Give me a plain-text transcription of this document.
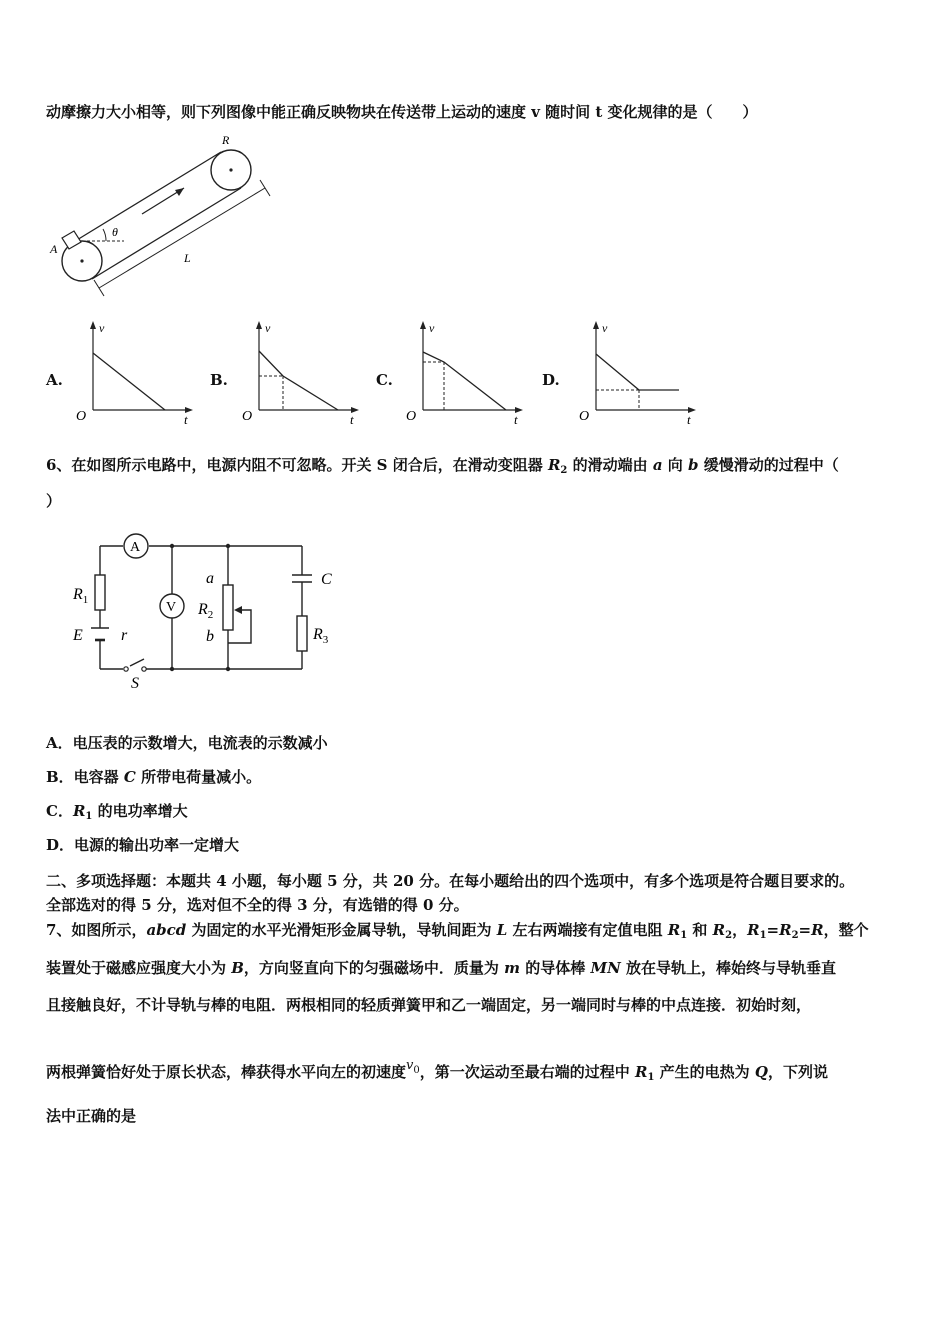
动摩擦力大小相等，则下列图像中能正确反映物块在传送带上运动的速度 v 随时间 t 变化规律的是（　　）
A
R
θ
L
A.
v
t
O
B.
v
t
O
C.
v
t
O
D.
v
t
O
6、在如图所示电路中，电源内阻不可忽略。开关 S 闭合后，在滑动变阻器 $R_2$ 的滑动端由 a 向 b 缓慢滑动的过程中（
）
A
V
$R_1$
E r
S
a
$R_2$
b
C
$R_3$
A．电压表的示数增大，电流表的示数减小
B．电容器 C 所带电荷量减小。
C．$R_1$ 的电功率增大
D．电源的输出功率一定增大
二、多项选择题：本题共 4 小题，每小题 5 分，共 20 分。在每小题给出的四个选项中，有多个选项是符合题目要求的。
全部选对的得 5 分，选对但不全的得 3 分，有选错的得 0 分。
7、如图所示，abcd 为固定的水平光滑矩形金属导轨，导轨间距为 L 左右两端接有定值电阻 $R_1$ 和 $R_2$，$R_1=R_2=R$，整个
装置处于磁感应强度大小为 B，方向竖直向下的匀强磁场中．质量为 m 的导体棒 MN 放在导轨上，棒始终与导轨垂直
且接触良好，不计导轨与棒的电阻．两根相同的轻质弹簧甲和乙一端固定，另一端同时与棒的中点连接．初始时刻，
两根弹簧恰好处于原长状态，棒获得水平向左的初速度$v^0$，第一次运动至最右端的过程中 $R_1$ 产生的电热为 Q，下列说
法中正确的是
